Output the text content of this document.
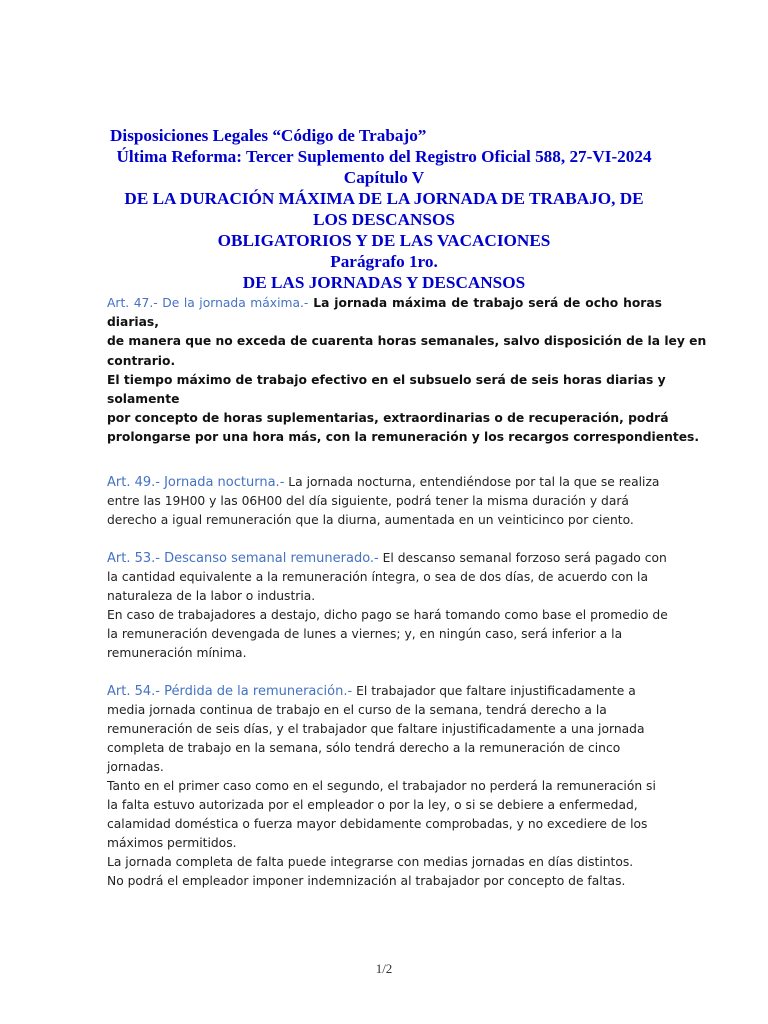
Disposiciones Legales “Código de Trabajo”
Última Reforma: Tercer Suplemento del Registro Oficial 588, 27-VI-2024
Capítulo V
DE LA DURACIÓN MÁXIMA DE LA JORNADA DE TRABAJO, DE
LOS DESCANSOS
OBLIGATORIOS Y DE LAS VACACIONES
Parágrafo 1ro.
DE LAS JORNADAS Y DESCANSOS
Art. 47.- De la jornada máxima.- La jornada máxima de trabajo será de ocho horas
diarias,
de manera que no exceda de cuarenta horas semanales, salvo disposición de la ley en
contrario.
El tiempo máximo de trabajo efectivo en el subsuelo será de seis horas diarias y
solamente
por concepto de horas suplementarias, extraordinarias o de recuperación, podrá
prolongarse por una hora más, con la remuneración y los recargos correspondientes.
Art. 49.- Jornada nocturna.- La jornada nocturna, entendiéndose por tal la que se realiza
entre las 19H00 y las 06H00 del día siguiente, podrá tener la misma duración y dará
derecho a igual remuneración que la diurna, aumentada en un veinticinco por ciento.
Art. 53.- Descanso semanal remunerado.- El descanso semanal forzoso será pagado con
la cantidad equivalente a la remuneración íntegra, o sea de dos días, de acuerdo con la
naturaleza de la labor o industria.
En caso de trabajadores a destajo, dicho pago se hará tomando como base el promedio de
la remuneración devengada de lunes a viernes; y, en ningún caso, será inferior a la
remuneración mínima.
Art. 54.- Pérdida de la remuneración.- El trabajador que faltare injustificadamente a
media jornada continua de trabajo en el curso de la semana, tendrá derecho a la
remuneración de seis días, y el trabajador que faltare injustificadamente a una jornada
completa de trabajo en la semana, sólo tendrá derecho a la remuneración de cinco
jornadas.
Tanto en el primer caso como en el segundo, el trabajador no perderá la remuneración si
la falta estuvo autorizada por el empleador o por la ley, o si se debiere a enfermedad,
calamidad doméstica o fuerza mayor debidamente comprobadas, y no excediere de los
máximos permitidos.
La jornada completa de falta puede integrarse con medias jornadas en días distintos.
No podrá el empleador imponer indemnización al trabajador por concepto de faltas.
1/2
